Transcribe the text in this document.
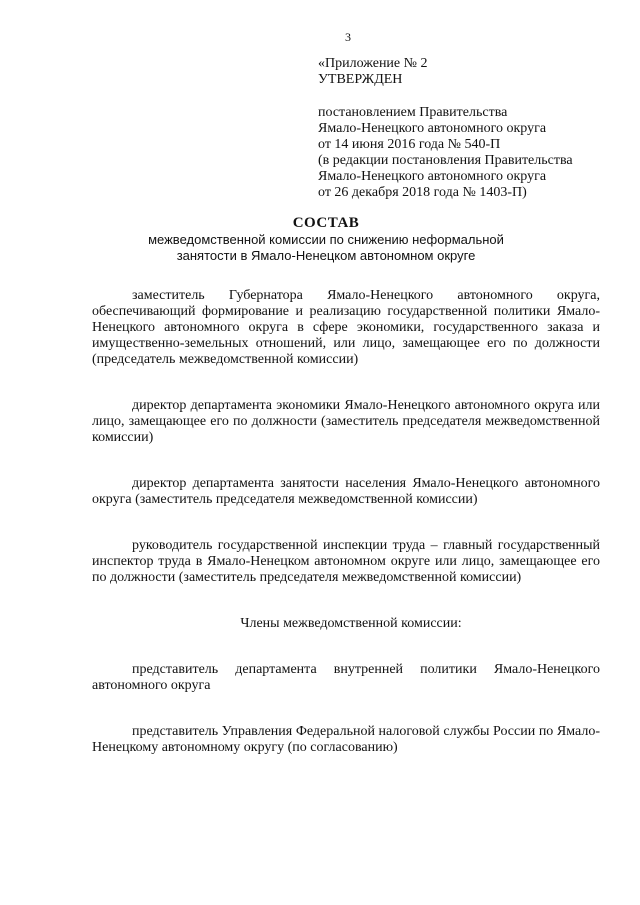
3
«Приложение № 2
УТВЕРЖДЕН
постановлением Правительства
Ямало-Ненецкого автономного округа
от 14 июня 2016 года № 540-П
(в редакции постановления Правительства
Ямало-Ненецкого автономного округа
от 26 декабря 2018 года № 1403-П)
СОСТАВ
межведомственной комиссии по снижению неформальной
занятости в Ямало-Ненецком автономном округе

заместитель Губернатора Ямало-Ненецкого автономного округа, обеспечивающий формирование и реализацию государственной политики Ямало-Ненецкого автономного округа в сфере экономики, государственного заказа и имущественно-земельных отношений, или лицо, замещающее его по должности (председатель межведомственной комиссии)

директор департамента экономики Ямало-Ненецкого автономного округа или лицо, замещающее его по должности (заместитель председателя межведомственной комиссии)

директор департамента занятости населения Ямало-Ненецкого автономного округа (заместитель председателя межведомственной комиссии)

руководитель государственной инспекции труда – главный государственный инспектор труда в Ямало-Ненецком автономном округе или лицо, замещающее его по должности (заместитель председателя межведомственной комиссии)

Члены межведомственной комиссии:

представитель департамента внутренней политики Ямало-Ненецкого автономного округа

представитель Управления Федеральной налоговой службы России по Ямало-Ненецкому автономному округу (по согласованию)
